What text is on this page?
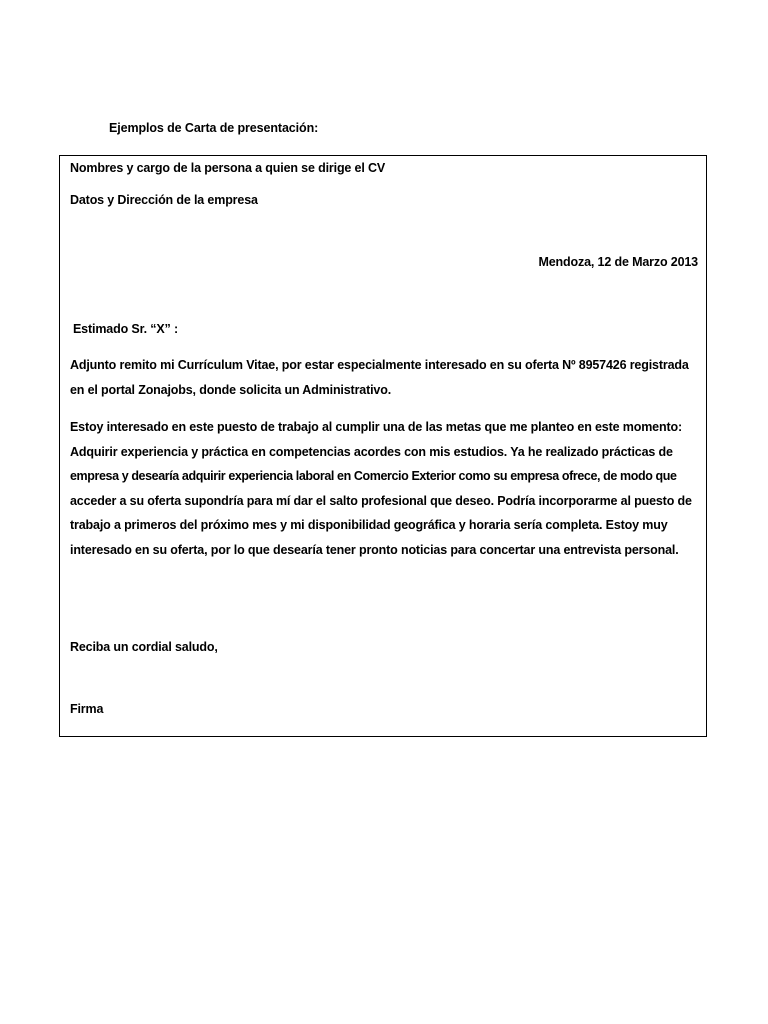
Ejemplos de Carta de presentación:
Nombres y cargo de la persona a quien se dirige el CV
Datos y Dirección de la empresa
Mendoza, 12 de Marzo 2013
Estimado Sr. “X” :
Adjunto remito mi Currículum Vitae, por estar especialmente interesado en su oferta Nº 8957426 registrada
en el portal Zonajobs, donde solicita un Administrativo.
Estoy interesado en este puesto de trabajo al cumplir una de las metas que me planteo en este momento:
Adquirir experiencia y práctica en competencias acordes con mis estudios. Ya he realizado prácticas de
empresa y desearía adquirir experiencia laboral en Comercio Exterior como su empresa ofrece, de modo que
acceder a su oferta supondría para mí dar el salto profesional que deseo. Podría incorporarme al puesto de
trabajo a primeros del próximo mes y mi disponibilidad geográfica y horaria sería completa. Estoy muy
interesado en su oferta, por lo que desearía tener pronto noticias para concertar una entrevista personal.
Reciba un cordial saludo,
Firma
